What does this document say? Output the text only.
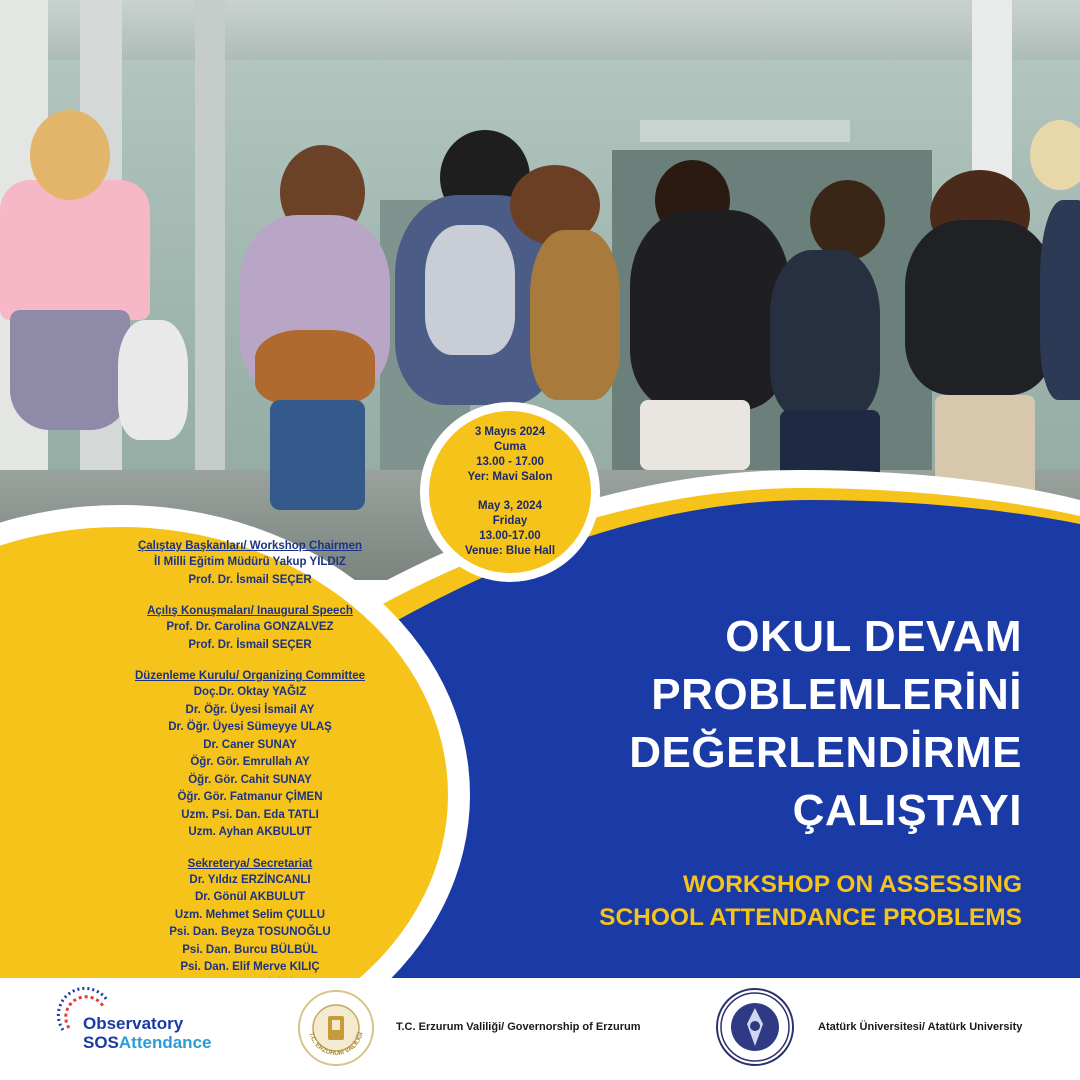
Çalıştay Başkanları/ Workshop Chairmen
İl Milli Eğitim Müdürü Yakup YILDIZ
Prof. Dr. İsmail SEÇER
Açılış Konuşmaları/ Inaugural Speech
Prof. Dr. Carolina GONZALVEZ
Prof. Dr. İsmail SEÇER
Düzenleme Kurulu/ Organizing Committee
Doç.Dr. Oktay YAĞIZ
Dr. Öğr. Üyesi İsmail AY
Dr. Öğr. Üyesi Sümeyye ULAŞ
Dr. Caner SUNAY
Öğr. Gör. Emrullah AY
Öğr. Gör. Cahit SUNAY
Öğr. Gör. Fatmanur ÇİMEN
Uzm. Psi. Dan. Eda TATLI
Uzm. Ayhan AKBULUT
Sekreterya/ Secretariat
Dr. Yıldız ERZİNCANLI
Dr. Gönül AKBULUT
Uzm. Mehmet Selim ÇULLU
Psi. Dan. Beyza TOSUNOĞLU
Psi. Dan. Burcu BÜLBÜL
Psi. Dan. Elif Merve KILIÇ
3 Mayıs 2024
Cuma
13.00 - 17.00
Yer: Mavi Salon
May 3, 2024
Friday
13.00-17.00
Venue: Blue Hall
OKUL DEVAM
PROBLEMLERİNİ
DEĞERLENDİRME
ÇALIŞTAYI
WORKSHOP ON ASSESSING
SCHOOL ATTENDANCE PROBLEMS
Observatory
SOSAttendance	T.C. ERZURUM VALİLİĞİ
T.C. Erzurum Valiliği/ Governorship of Erzurum	Atatürk Üniversitesi/ Atatürk University
